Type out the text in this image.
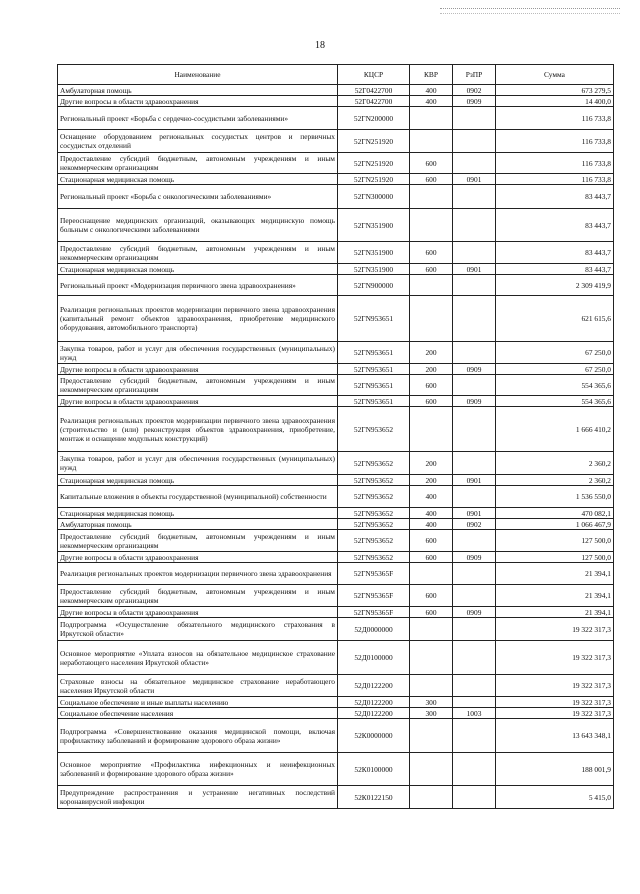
18
Наименование	КЦСР	КВР	РзПР	Сумма
Амбулаторная помощь	52Г0422700	400	0902	673 279,5
Другие вопросы в области здравоохранения	52Г0422700	400	0909	14 400,0
Региональный проект «Борьба с сердечно-сосудистыми заболеваниями»	52ГN200000			116 733,8
Оснащение оборудованием региональных сосудистых центров и первичных сосудистых отделений	52ГN251920			116 733,8
Предоставление субсидий бюджетным, автономным учреждениям и иным некоммерческим организациям	52ГN251920	600		116 733,8
Стационарная медицинская помощь	52ГN251920	600	0901	116 733,8
Региональный проект «Борьба с онкологическими заболеваниями»	52ГN300000			83 443,7
Переоснащение медицинских организаций, оказывающих медицинскую помощь больным с онкологическими заболеваниями	52ГN351900			83 443,7
Предоставление субсидий бюджетным, автономным учреждениям и иным некоммерческим организациям	52ГN351900	600		83 443,7
Стационарная медицинская помощь	52ГN351900	600	0901	83 443,7
Региональный проект «Модернизация первичного звена здравоохранения»	52ГN900000			2 309 419,9
Реализация региональных проектов модернизации первичного звена здравоохранения (капитальный ремонт объектов здравоохранения, приобретение медицинского оборудования, автомобильного транспорта)	52ГN953651			621 615,6
Закупка товаров, работ и услуг для обеспечения государственных (муниципальных) нужд	52ГN953651	200		67 250,0
Другие вопросы в области здравоохранения	52ГN953651	200	0909	67 250,0
Предоставление субсидий бюджетным, автономным учреждениям и иным некоммерческим организациям	52ГN953651	600		554 365,6
Другие вопросы в области здравоохранения	52ГN953651	600	0909	554 365,6
Реализация региональных проектов модернизации первичного звена здравоохранения (строительство и (или) реконструкция объектов здравоохранения, приобретение, монтаж и оснащение модульных конструкций)	52ГN953652			1 666 410,2
Закупка товаров, работ и услуг для обеспечения государственных (муниципальных) нужд	52ГN953652	200		2 360,2
Стационарная медицинская помощь	52ГN953652	200	0901	2 360,2
Капитальные вложения в объекты государственной (муниципальной) собственности	52ГN953652	400		1 536 550,0
Стационарная медицинская помощь	52ГN953652	400	0901	470 082,1
Амбулаторная помощь	52ГN953652	400	0902	1 066 467,9
Предоставление субсидий бюджетным, автономным учреждениям и иным некоммерческим организациям	52ГN953652	600		127 500,0
Другие вопросы в области здравоохранения	52ГN953652	600	0909	127 500,0
Реализация региональных проектов модернизации первичного звена здравоохранения	52ГN95365F			21 394,1
Предоставление субсидий бюджетным, автономным учреждениям и иным некоммерческим организациям	52ГN95365F	600		21 394,1
Другие вопросы в области здравоохранения	52ГN95365F	600	0909	21 394,1
Подпрограмма «Осуществление обязательного медицинского страхования в Иркутской области»	52Д0000000			19 322 317,3
Основное мероприятие «Уплата взносов на обязательное медицинское страхование неработающего населения Иркутской области»	52Д0100000			19 322 317,3
Страховые взносы на обязательное медицинское страхование неработающего населения Иркутской области	52Д0122200			19 322 317,3
Социальное обеспечение и иные выплаты населению	52Д0122200	300		19 322 317,3
Социальное обеспечение населения	52Д0122200	300	1003	19 322 317,3
Подпрограмма «Совершенствование оказания медицинской помощи, включая профилактику заболеваний и формирование здорового образа жизни»	52К0000000			13 643 348,1
Основное мероприятие «Профилактика инфекционных и неинфекционных заболеваний и формирование здорового образа жизни»	52К0100000			188 001,9
Предупреждение распространения и устранение негативных последствий коронавирусной инфекции	52К0122150			5 415,0
